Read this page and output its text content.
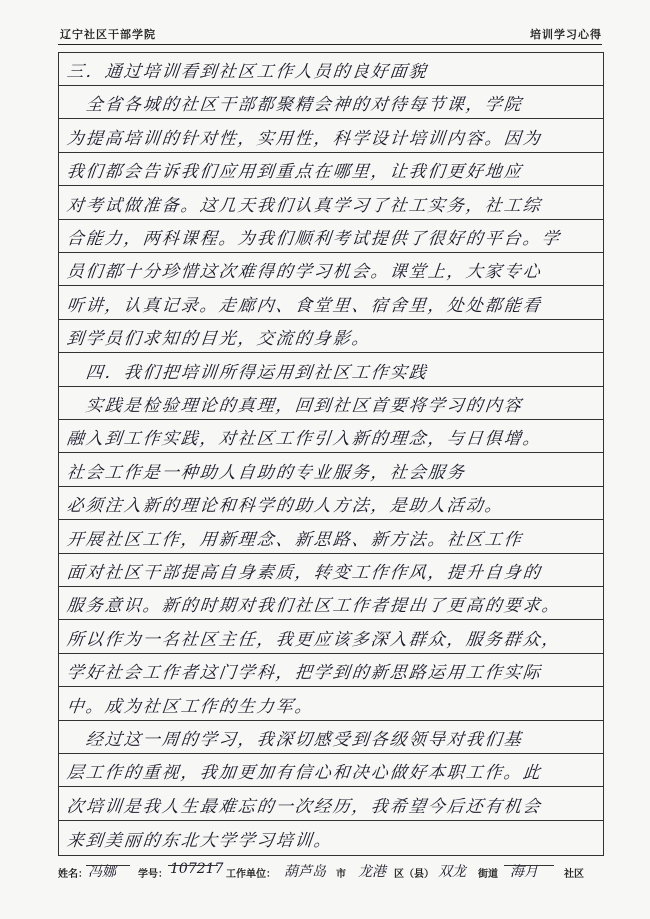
辽宁社区干部学院	培训学习心得
三．通过培训看到社区工作人员的良好面貌
　全省各城的社区干部都聚精会神的对待每节课，学院
为提高培训的针对性，实用性，科学设计培训内容。因为
我们都会告诉我们应用到重点在哪里，让我们更好地应
对考试做准备。这几天我们认真学习了社工实务，社工综
合能力，两科课程。为我们顺利考试提供了很好的平台。学
员们都十分珍惜这次难得的学习机会。课堂上，大家专心
听讲，认真记录。走廊内、食堂里、宿舍里，处处都能看
到学员们求知的目光，交流的身影。
　四．我们把培训所得运用到社区工作实践
　实践是检验理论的真理，回到社区首要将学习的内容
融入到工作实践，对社区工作引入新的理念，与日俱增。
社会工作是一种助人自助的专业服务，社会服务
必须注入新的理论和科学的助人方法，是助人活动。
开展社区工作，用新理念、新思路、新方法。社区工作
面对社区干部提高自身素质，转变工作作风，提升自身的
服务意识。新的时期对我们社区工作者提出了更高的要求。
所以作为一名社区主任，我更应该多深入群众，服务群众，
学好社会工作者这门学科，把学到的新思路运用工作实际
中。成为社区工作的生力军。
　经过这一周的学习，我深切感受到各级领导对我们基
层工作的重视，我加更加有信心和决心做好本职工作。此
次培训是我人生最难忘的一次经历，我希望今后还有机会
来到美丽的东北大学学习培训。
姓名： 冯娜 学号： 107217 工作单位： 葫芦岛 市 龙港 区（县） 双龙 街道 海月	社区
